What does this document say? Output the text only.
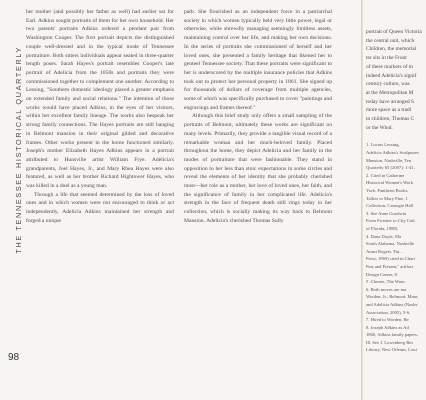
THE TENNESSEE HISTORICAL QUARTERLY
98

her mother (and possibly her father as well) had earlier sat for Earl. Adkins sought portraits of them for her own household. Her two parents' portraits Adkins ordered a pendant pair from Washington Cooper. The first portrait depicts the distinguished couple well-dressed and in the typical mode of Tennessee portraiture. Both sitters individuals appear seated in three-quarter length poses. Sarah Hayes's portrait resembles Cooper's late portrait of Adelicia from the 1850s and portraits they were commissioned together to complement one another. According to Lessing, "Southern domestic ideology placed a greater emphasis on extended family and social relations." The intention of those works would have placed Adkins, in the eyes of her visitors, within her excellent family lineage. The works also bespeak her strong family connections. The Hayes portraits are still hanging in Belmont mansion in their original gilded and decorative frames. Other works present in the home functioned similarly. Joseph's mother Elizabeth Hayes Adkins appears in a portrait attributed to Hunsville artist William Frye. Adelicia's grandparents, Joel Hayes, Jr., and Mary Rhea Hayes were also featured, as well as her brother Richard Hightower Hayes, who was killed in a duel as a young man.

Through a life that seemed determined by the loss of loved ones and in which women were not encouraged to think or act independently, Adelicia Adkins maintained her strength and forged a unique

path. She flourished as an independent force in a patriarchal society in which women typically held very little power, legal or otherwise, while shrewdly managing seemingly limitless assets, maintaining control over her life, and making her own decisions. In the series of portraits she commissioned of herself and her loved ones, she presented a family heritage that likened her to genteel Tennessee society. That these portraits were significant to her is underscored by the multiple insurance policies that Adkins took out to protect her personal property in 1861. She signed up for thousands of dollars of coverage from multiple agencies, some of which was specifically purchased to cover "paintings and engravings and frames thereof."

Although this brief study only offers a small sampling of the portraits of Belmont, ultimately these works are significant on many levels. Primarily, they provide a tangible visual record of a remarkable woman and her much-beloved family. Placed throughout the home, they depict Adelicia and her family in the modes of portraiture that were fashionable. They stand in opposition to her less than stoic expectations in some circles and reveal the elements of her identity that she probably cherished most—her role as a mother, her love of loved ones, her faith, and the significance of family in her complicated life. Adelicia's strength in the face of frequent death still rings today in her collection, which is socially making its way back to Belmont Mansion. Adelicia's cherished Thomas Sully

portrait of Queen Victoria

the central unit, which

Children, the memorial

ter sits in the Front

of these markers of m

indeed Adelicia's signif

century culture, was

at the Metropolitan M

today have arranged S

more space as a tradi

to children, Thomas C

or the Wind.

1. Lucius Lessing,
Adelicia Adkins's Sculptures
Mansion, Nashville, Ten
Quarterly 65 (2007): 1-41.
2. Cited in Catherine
Historical Women's Work
York: Pantheon Books,
Tallies to Mary Pine, 1
Collection, Carnegie Hall
3. See Anne Goodwin
From Frontier to City Cult
of Florida, 1988).
4. Dana Doyle, Ma
South Alabama, Nashville
Avant Rogers. Pat...
Press, 1969) cited in Chari
Past and Present," artifact
Design Center, 8.
5. Chester, The Wom
6. Both moves are ma
Worden, Jr., Belmont: Mans
and Adelicia Adkins (Nashv
Association, 2005), 5-6.
7. Hired to Worden, Be
8. Joseph Adkins as Ad
1860, Adkins family papers,
Ill. See J. Lowenberg Res
Library, New Orleans, Loui
